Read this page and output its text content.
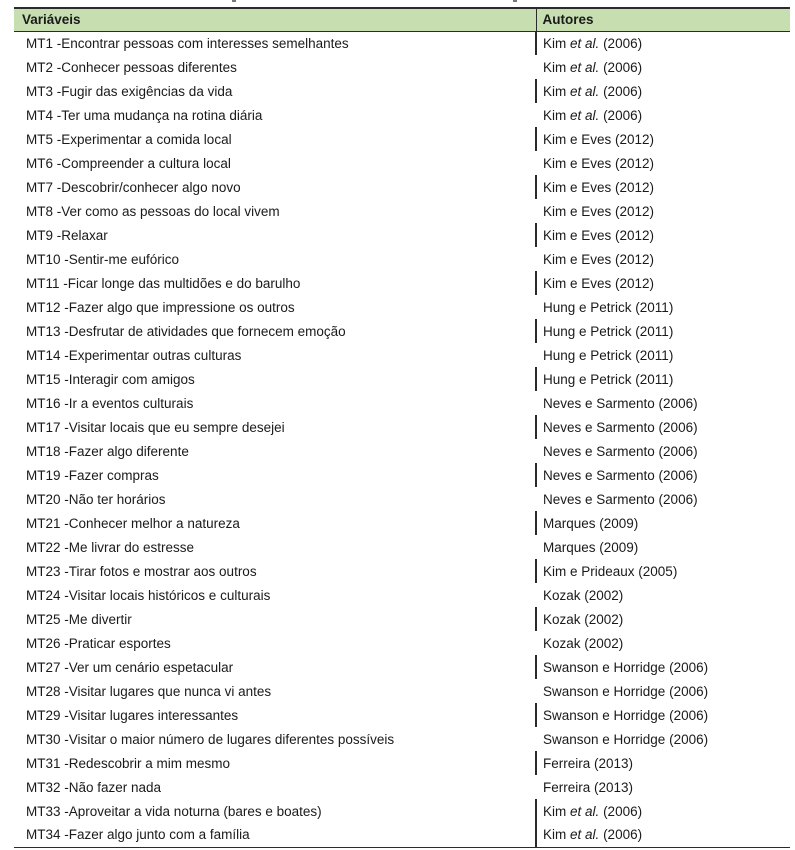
Variáveis	Autores
MT1 -Encontrar pessoas com interesses semelhantes	Kim et al. (2006)
MT2 -Conhecer pessoas diferentes	Kim et al. (2006)
MT3 -Fugir das exigências da vida	Kim et al. (2006)
MT4 -Ter uma mudança na rotina diária	Kim et al. (2006)
MT5 -Experimentar a comida local	Kim e Eves (2012)
MT6 -Compreender a cultura local	Kim e Eves (2012)
MT7 -Descobrir/conhecer algo novo	Kim e Eves (2012)
MT8 -Ver como as pessoas do local vivem	Kim e Eves (2012)
MT9 -Relaxar	Kim e Eves (2012)
MT10 -Sentir-me eufórico	Kim e Eves (2012)
MT11 -Ficar longe das multidões e do barulho	Kim e Eves (2012)
MT12 -Fazer algo que impressione os outros	Hung e Petrick (2011)
MT13 -Desfrutar de atividades que fornecem emoção	Hung e Petrick (2011)
MT14 -Experimentar outras culturas	Hung e Petrick (2011)
MT15 -Interagir com amigos	Hung e Petrick (2011)
MT16 -Ir a eventos culturais	Neves e Sarmento (2006)
MT17 -Visitar locais que eu sempre desejei	Neves e Sarmento (2006)
MT18 -Fazer algo diferente	Neves e Sarmento (2006)
MT19 -Fazer compras	Neves e Sarmento (2006)
MT20 -Não ter horários	Neves e Sarmento (2006)
MT21 -Conhecer melhor a natureza	Marques (2009)
MT22 -Me livrar do estresse	Marques (2009)
MT23 -Tirar fotos e mostrar aos outros	Kim e Prideaux (2005)
MT24 -Visitar locais históricos e culturais	Kozak (2002)
MT25 -Me divertir	Kozak (2002)
MT26 -Praticar esportes	Kozak (2002)
MT27 -Ver um cenário espetacular	Swanson e Horridge (2006)
MT28 -Visitar lugares que nunca vi antes	Swanson e Horridge (2006)
MT29 -Visitar lugares interessantes	Swanson e Horridge (2006)
MT30 -Visitar o maior número de lugares diferentes possíveis	Swanson e Horridge (2006)
MT31 -Redescobrir a mim mesmo	Ferreira (2013)
MT32 -Não fazer nada	Ferreira (2013)
MT33 -Aproveitar a vida noturna (bares e boates)	Kim et al. (2006)
MT34 -Fazer algo junto com a família	Kim et al. (2006)
